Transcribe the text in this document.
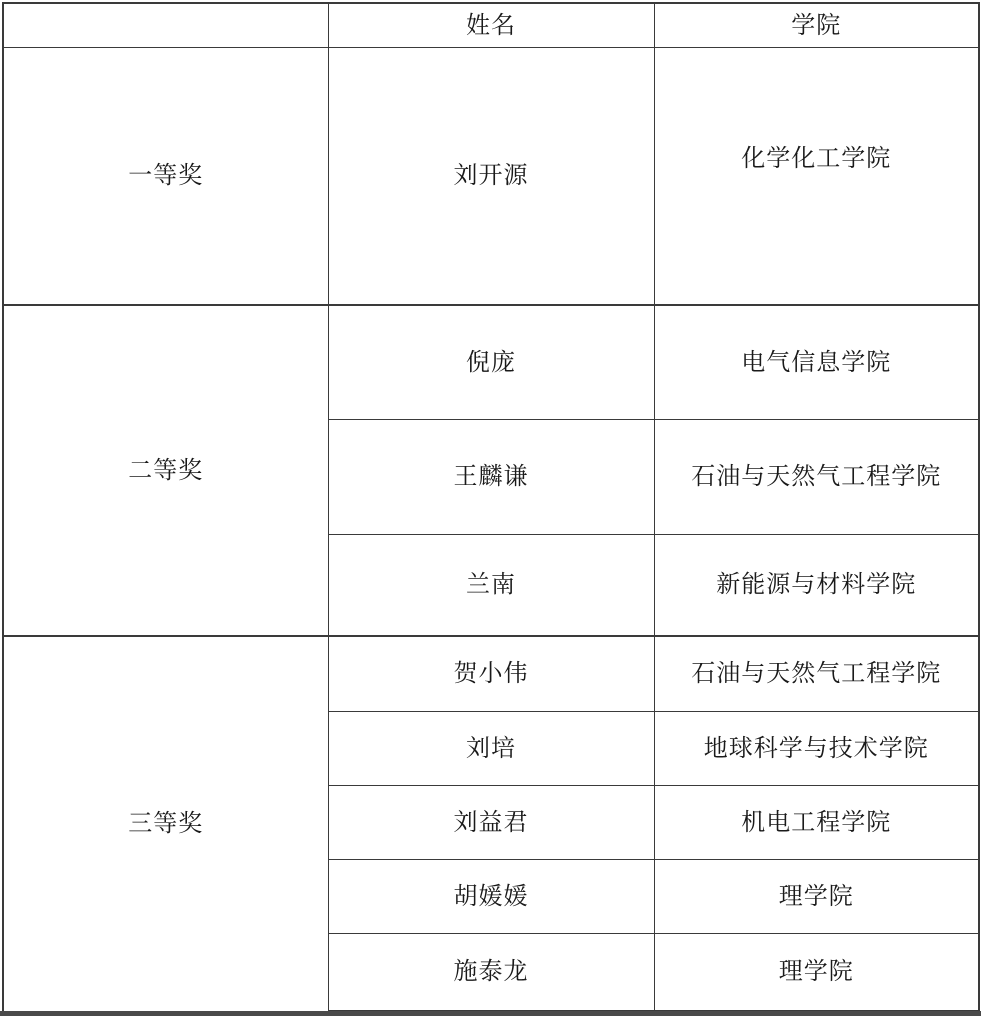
	姓名	学院
一等奖	刘开源	化学化工学院
二等奖	倪庞	电气信息学院
	王麟谦	石油与天然气工程学院
	兰南	新能源与材料学院
三等奖	贺小伟	石油与天然气工程学院
	刘培	地球科学与技术学院
	刘益君	机电工程学院
	胡媛媛	理学院
	施泰龙	理学院
